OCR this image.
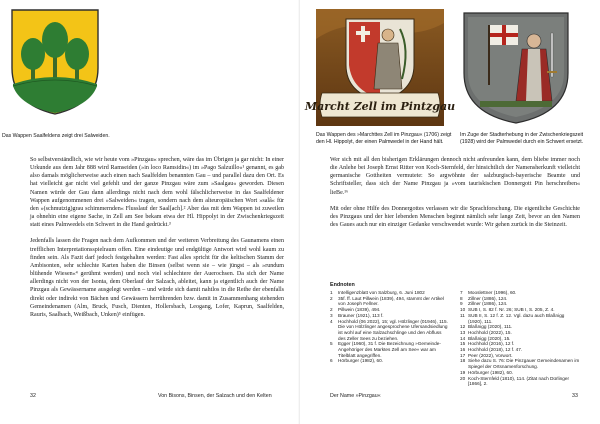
Das Wappen Saalfeldens zeigt drei Salweiden.

So selbstverständlich, wie wir heute vom »Pinzgau« sprechen, wäre das im Übrigen ja gar nicht: In einer Urkunde aus dem Jahr 888 wird Ramseiden (»in loco Ramsidin«) im »Pago Salzuillo«¹ genannt, es gab also damals möglicherweise auch einen nach Saalfelden benannten Gau – und parallel dazu den Ort. Es hat vielleicht gar nicht viel gefehlt und der ganze Pinzgau wäre zum »Saalgau« geworden. Diesen Namen würde der Gau dann allerdings nicht nach dem wohl fälschlicherweise in das Saalfeldener Wappen aufgenommenen drei »Salweiden« tragen, sondern nach dem alteuropäischen Wort »salâ« für den »(schmutzig)grau schimmernden« Flusslauf der Saal[ach].² Aber das mit dem Wappen ist zuweilen ja ohnehin eine eigene Sache, in Zell am See bekam etwa der Hl. Hippolyt in der Zwischenkriegszeit statt eines Palmwedels ein Schwert in die Hand gedrückt.³

Jedenfalls lassen die Fragen nach dem Aufkommen und der weiteren Verbreitung des Gaunamens einen trefflichen Interpretationsspielraum offen. Eine eindeutige und endgültige Antwort wird wohl kaum zu finden sein. Als Fazit darf jedoch festgehalten werden: Fast alles spricht für die keltischen Stamm der Ambisonten, sehr schlechte Karten haben die Binsen (selbst wenn sie – wie jüngst – als »rundum blühende Wiesen«⁴ gerühmt werden) und noch viel schlechtere der Auerochsen. Da sich der Name allerdings nicht von der Isonta, dem Oberlauf der Salzach, ableitet, kann ja eigentlich auch der Name Pinzgau als Gewässername ausgelegt werden – und würde sich damit nahtlos in die Reihe der ebenfalls direkt oder indirekt von Bächen und Gewässern herrührenden bzw. damit in Zusammenhang stehenden Gemeindenamen (Alm, Bruck, Fusch, Dienten, Hollersbach, Leogang, Lofer, Kaprun, Saalfelden, Rauris, Saalbach, Weißbach, Unken)⁵ einfügen.

32	Von Bisons, Binsen, der Salzach und den Kelten
Marcht Zell im Pintzgau
Das Wappen des »Marchttes Zell im Pinzgau« (1706) zeigt den Hl. Hippolyt, der einen Palmwedel in der Hand hält.
Im Zuge der Stadterhebung in der Zwischenkriegszeit (1928) wird der Palmwedel durch ein Schwert ersetzt.

Wer sich mit all den bisherigen Erklärungen dennoch nicht anfreunden kann, dem bliebe immer noch die Anlehe bei Joseph Ernst Ritter von Koch-Sternfeld, der hinsichtlich der Namensherkunft vielleicht germanische Gottheiten vermutete: So argwöhnte der salzburgisch-bayerische Beamte und Schriftsteller, dass sich der Name Pinzgau ja »vom tauriskischen Donnergott Pin herschreiben« lieBe.¹⁶

Mit oder ohne Hilfe des Donnergottes verlassen wir die Sprachforschung. Die eigentliche Geschichte des Pinzgaus und der hier lebenden Menschen beginnt nämlich sehr lange Zeit, bevor an den Namen des Gaues auch nur ein einziger Gedanke verschwendet wurde: Wir gehen zurück in die Steinzeit.

Endnoten
1	Intelligenzblatt von Salzburg, 6. Juni 1802
2	35f. ff. Laut Pillwein (1839), 494, stammt der Artikel von Joseph Fellner.
2	Pillwein (1839), 494.
3	Brauner (1921), 113 f.
4	Hochhold (06 2022), 15; vgl. Hölzlinger (01946), 115. Die von Hölzlinger angesprochene Ufersandsiedlung ist wohl auf eine Salzachschlinge und den Abfluss des Zeller Sees zu beziehen.
5	Egger (1960), 31 f. Die Bezeichnung »Gemeinde-Angehöriger des Marktes Zell am See« war am Titelblatt angegriffen.
6	Hörburger (1982), 60.
7	Mooslettner (1996), 60.
8	Zillner (1886), 124.
9	Zillner (1886), 124.
10 SUB I, S. 82 f. Nr. 26; SUB I, S. 205, Z. 4.
11 SUB II, S. 12 f. Z. 12. Vgl. dazu auch Blaßnigg (1920), 111.
12 Blaßnigg (2020), 111.
13 Hochhold (2022), 15.
14 Blaßnigg (2020), 15.
15 Hochhold (2016), 12 f.
16 Hochhold (2018), 12 f. 47.
17 Peer (2022), Vorwort.
18 Siehe dazu S. 76: Die Pinzgauer Gemeindenamen im Spiegel der Ortsnamenforschung.
19 Hörburger (1982), 60.
20 Koch-Sternfeld (1810), 114. (Zitat nach Dürlinger [1866], 2.
Der Name »Pinzgau«	33
